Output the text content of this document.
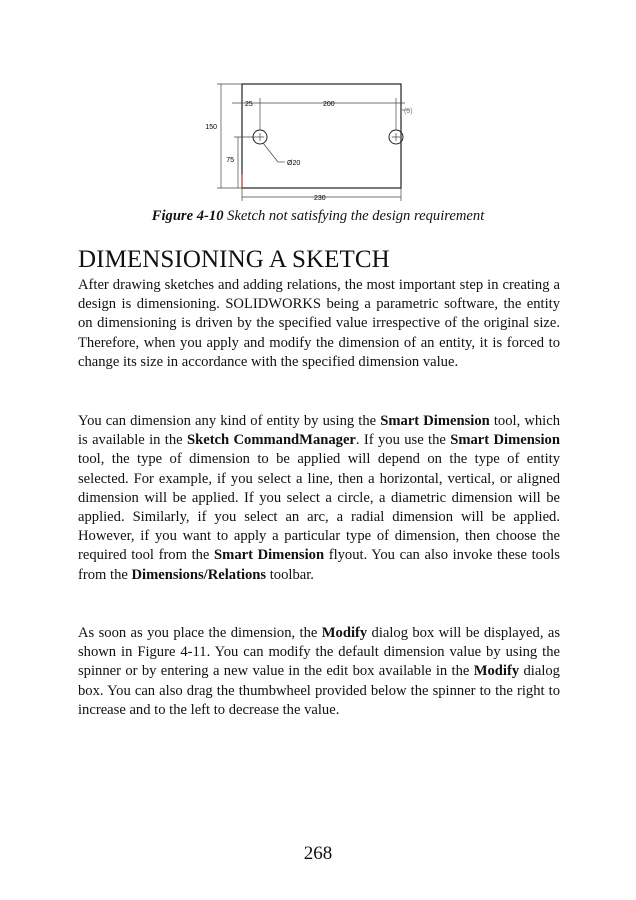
25	200
(5)
150
75	Ø20
230

Figure 4-10 Sketch not satisfying the design requirement

DIMENSIONING A SKETCH

After drawing sketches and adding relations, the most important step in creating a design is dimensioning. SOLIDWORKS being a parametric software, the entity on dimensioning is driven by the specified value irrespective of the original size. Therefore, when you apply and modify the dimension of an entity, it is forced to change its size in accordance with the specified dimension value.

You can dimension any kind of entity by using the Smart Dimension tool, which is available in the Sketch CommandManager. If you use the Smart Dimension tool, the type of dimension to be applied will depend on the type of entity selected. For example, if you select a line, then a horizontal, vertical, or aligned dimension will be applied. If you select a circle, a diametric dimension will be applied. Similarly, if you select an arc, a radial dimension will be applied. However, if you want to apply a particular type of dimension, then choose the required tool from the Smart Dimension flyout. You can also invoke these tools from the Dimensions/Relations toolbar.

As soon as you place the dimension, the Modify dialog box will be displayed, as shown in Figure 4-11. You can modify the default dimension value by using the spinner or by entering a new value in the edit box available in the Modify dialog box. You can also drag the thumbwheel provided below the spinner to the right to increase and to the left to decrease the value.

268
